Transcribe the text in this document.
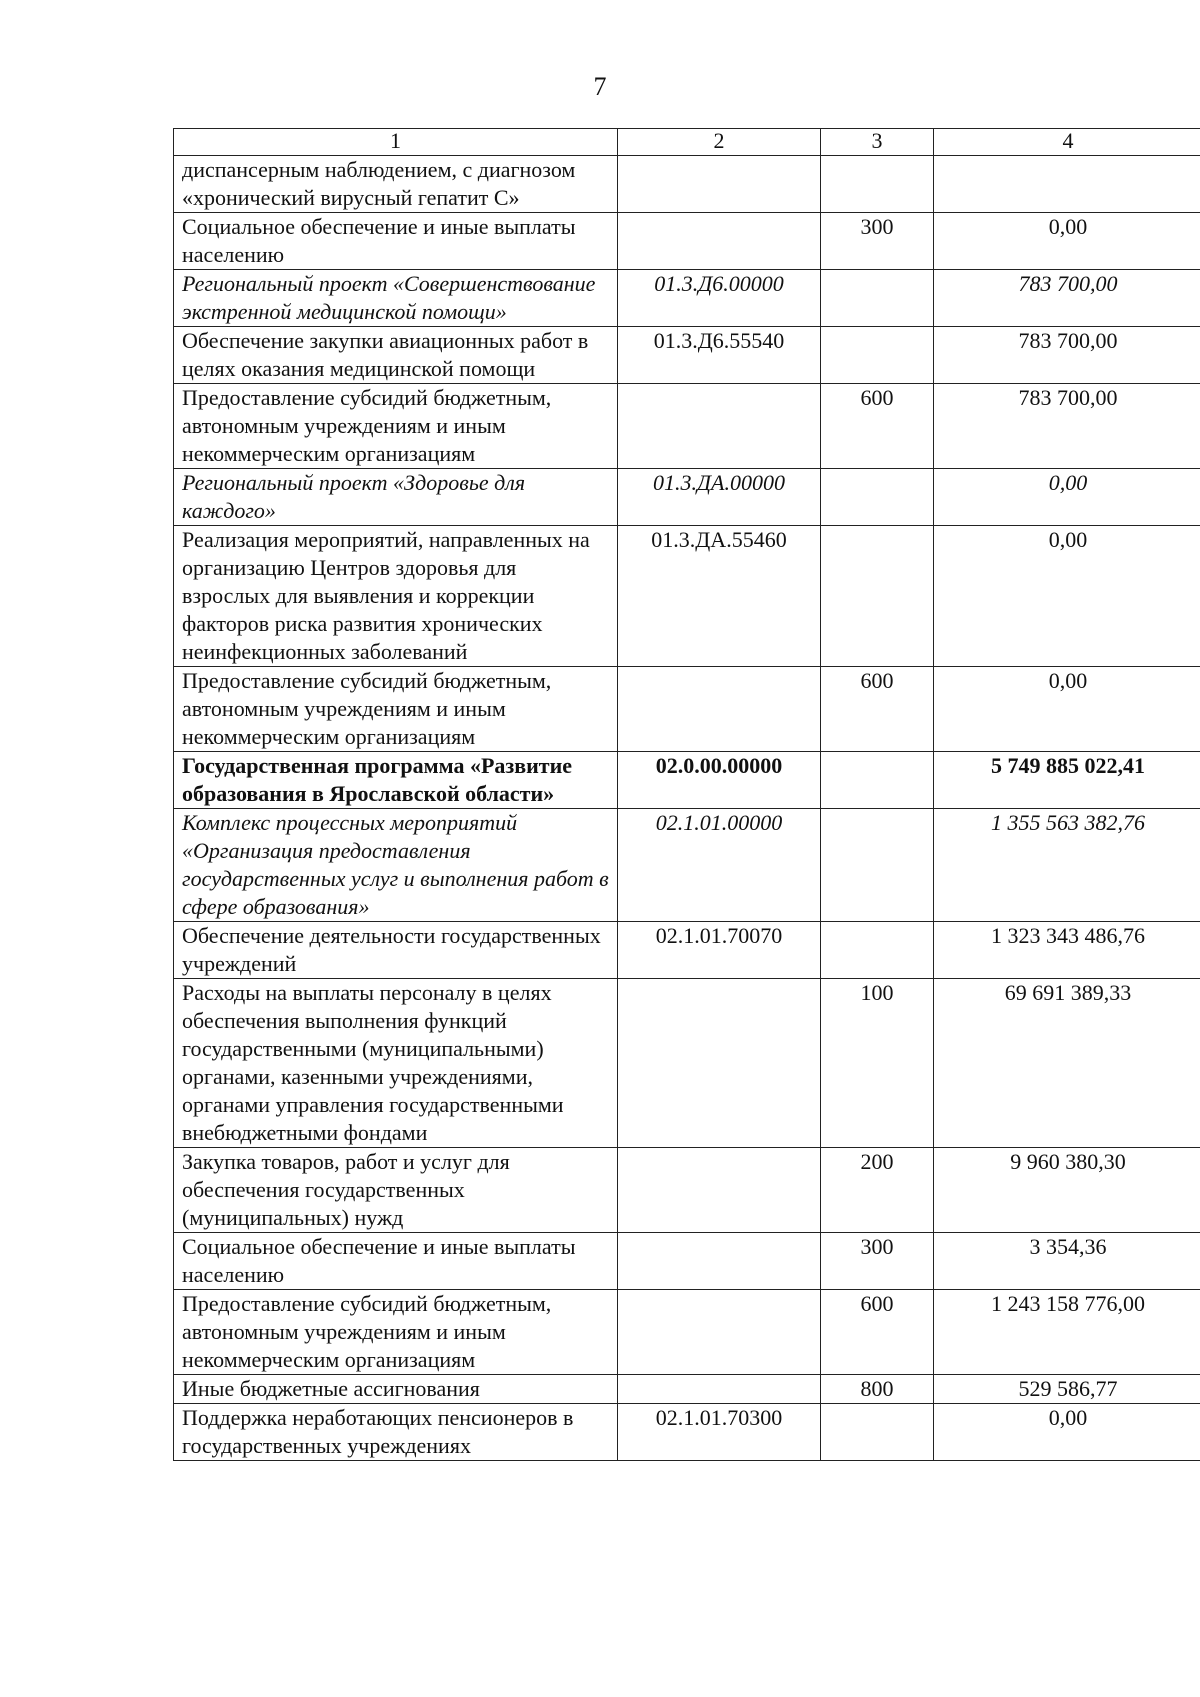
7
1	2	3	4
диспансерным наблюдением, с диагнозом «хронический вирусный гепатит С»			
Социальное обеспечение и иные выплаты населению		300	0,00
Региональный проект «Совершенствование экстренной медицинской помощи»	01.3.Д6.00000		783 700,00
Обеспечение закупки авиационных работ в целях оказания медицинской помощи	01.3.Д6.55540		783 700,00
Предоставление субсидий бюджетным, автономным учреждениям и иным некоммерческим организациям		600	783 700,00
Региональный проект «Здоровье для каждого»	01.3.ДА.00000		0,00
Реализация мероприятий, направленных на организацию Центров здоровья для взрослых для выявления и коррекции факторов риска развития хронических неинфекционных заболеваний	01.3.ДА.55460		0,00
Предоставление субсидий бюджетным, автономным учреждениям и иным некоммерческим организациям		600	0,00
Государственная программа «Развитие образования в Ярославской области»	02.0.00.00000		5 749 885 022,41
Комплекс процессных мероприятий «Организация предоставления государственных услуг и выполнения работ в сфере образования»	02.1.01.00000		1 355 563 382,76
Обеспечение деятельности государственных учреждений	02.1.01.70070		1 323 343 486,76
Расходы на выплаты персоналу в целях обеспечения выполнения функций государственными (муниципальными) органами, казенными учреждениями, органами управления государственными внебюджетными фондами		100	69 691 389,33
Закупка товаров, работ и услуг для обеспечения государственных (муниципальных) нужд		200	9 960 380,30
Социальное обеспечение и иные выплаты населению		300	3 354,36
Предоставление субсидий бюджетным, автономным учреждениям и иным некоммерческим организациям		600	1 243 158 776,00
Иные бюджетные ассигнования		800	529 586,77
Поддержка неработающих пенсионеров в государственных учреждениях	02.1.01.70300		0,00
